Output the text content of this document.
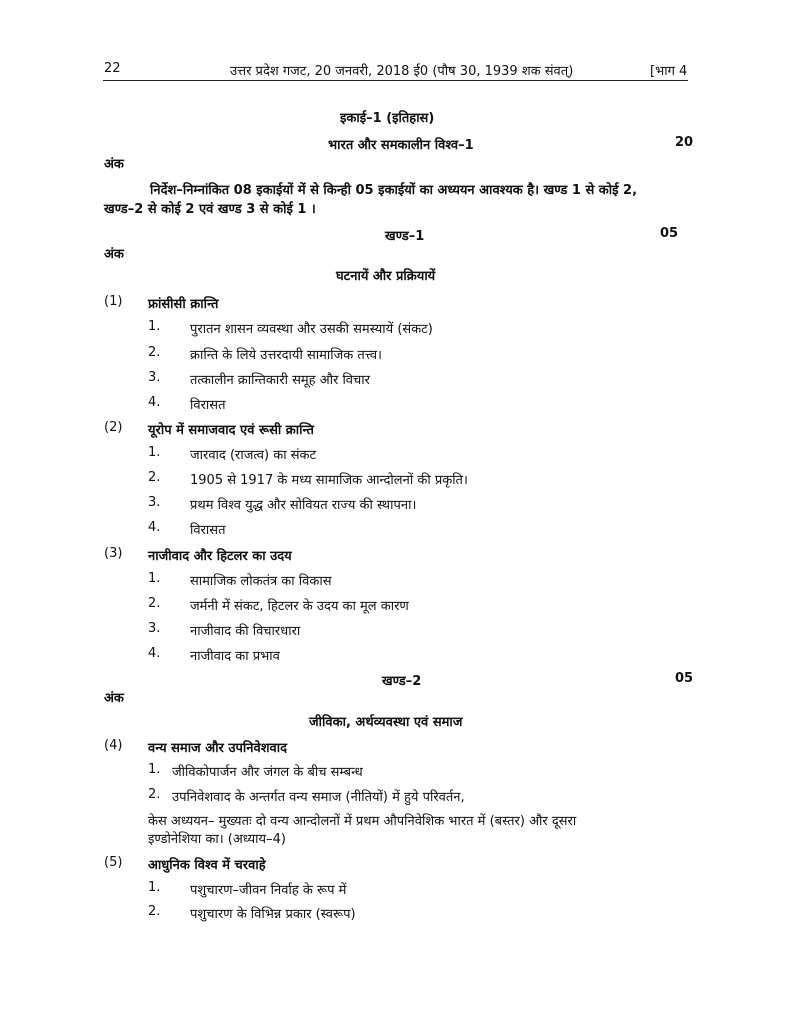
22	उत्तर प्रदेश गजट, 20 जनवरी, 2018 ई0 (पौष 30, 1939 शक संवत्)	[भाग 4
इकाई–1 (इतिहास)
भारत और समकालीन विश्व–1	20
अंक
निर्देश–निम्नांकित 08 इकाईयों में से किन्ही 05 इकाईयों का अध्ययन आवश्यक है। खण्ड 1 से कोई 2,
खण्ड–2 से कोई 2 एवं खण्ड 3 से कोई 1 ।
खण्ड–1	05
अंक
घटनायें और प्रक्रियायें
(1) फ्रांसीसी क्रान्ति
1. पुरातन शासन व्यवस्था और उसकी समस्यायें (संकट)
2. क्रान्ति के लिये उत्तरदायी सामाजिक तत्त्व।
3. तत्कालीन क्रान्तिकारी समूह और विचार
4. विरासत
(2) यूरोप में समाजवाद एवं रूसी क्रान्ति
1. जारवाद (राजत्व) का संकट
2. 1905 से 1917 के मध्य सामाजिक आन्दोलनों की प्रकृति।
3. प्रथम विश्व युद्ध और सोवियत राज्य की स्थापना।
4. विरासत
(3) नाजीवाद और हिटलर का उदय
1. सामाजिक लोकतंत्र का विकास
2. जर्मनी में संकट, हिटलर के उदय का मूल कारण
3. नाजीवाद की विचारधारा
4. नाजीवाद का प्रभाव
खण्ड–2	05
अंक
जीविका, अर्थव्यवस्था एवं समाज
(4) वन्य समाज और उपनिवेशवाद
1. जीविकोपार्जन और जंगल के बीच सम्बन्ध
2. उपनिवेशवाद के अन्तर्गत वन्य समाज (नीतियों) में हुये परिवर्तन,
केस अध्ययन– मुख्यतः दो वन्य आन्दोलनों में प्रथम औपनिवेशिक भारत में (बस्तर) और दूसरा
इण्डोनेशिया का। (अध्याय–4)
(5) आधुनिक विश्व में चरवाहे
1. पशुचारण–जीवन निर्वाह के रूप में
2. पशुचारण के विभिन्न प्रकार (स्वरूप)
